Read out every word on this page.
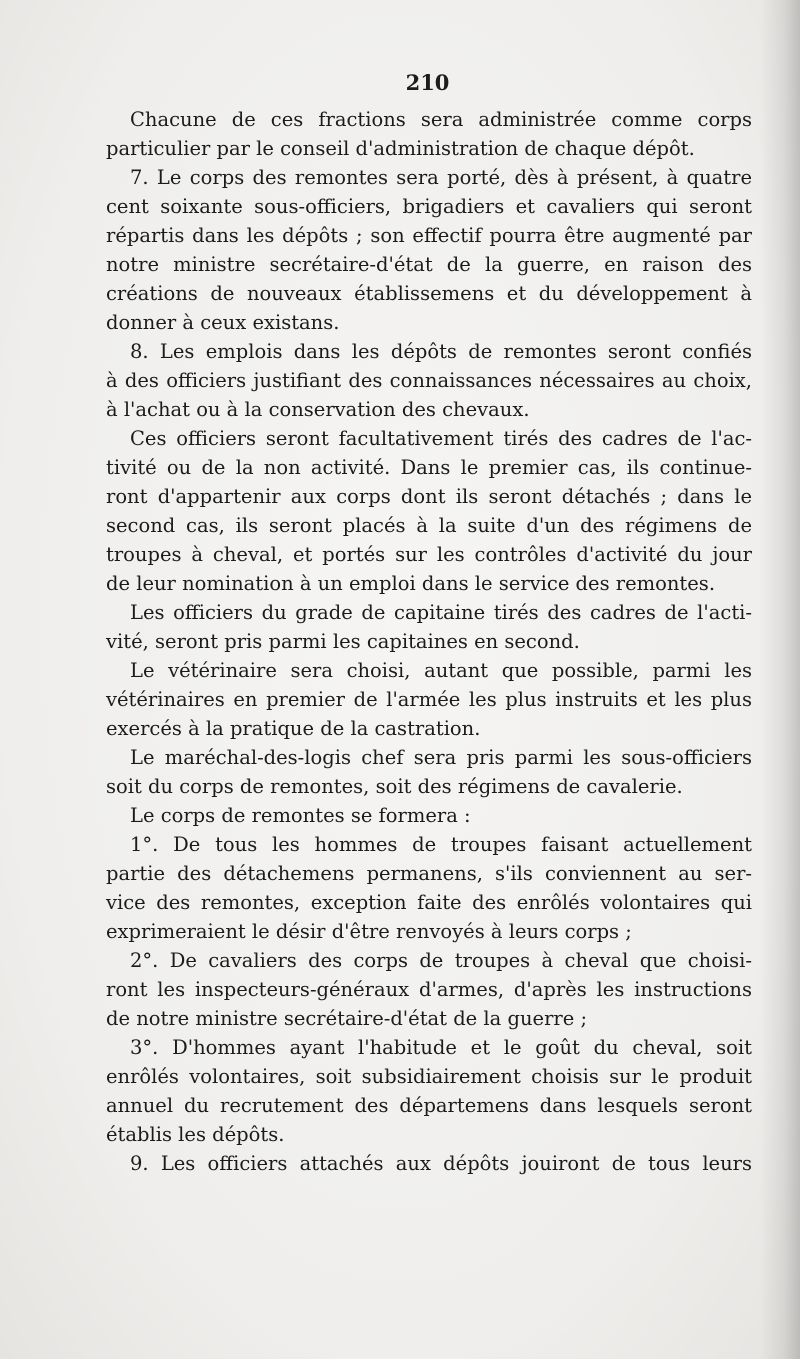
210
Chacune de ces fractions sera administrée comme corps
particulier par le conseil d'administration de chaque dépôt.
7. Le corps des remontes sera porté, dès à présent, à quatre
cent soixante sous-officiers, brigadiers et cavaliers qui seront
répartis dans les dépôts ; son effectif pourra être augmenté par
notre ministre secrétaire-d'état de la guerre, en raison des
créations de nouveaux établissemens et du développement à
donner à ceux existans.
8. Les emplois dans les dépôts de remontes seront confiés
à des officiers justifiant des connaissances nécessaires au choix,
à l'achat ou à la conservation des chevaux.
Ces officiers seront facultativement tirés des cadres de l'ac-
tivité ou de la non activité. Dans le premier cas, ils continue-
ront d'appartenir aux corps dont ils seront détachés ; dans le
second cas, ils seront placés à la suite d'un des régimens de
troupes à cheval, et portés sur les contrôles d'activité du jour
de leur nomination à un emploi dans le service des remontes.
Les officiers du grade de capitaine tirés des cadres de l'acti-
vité, seront pris parmi les capitaines en second.
Le vétérinaire sera choisi, autant que possible, parmi les
vétérinaires en premier de l'armée les plus instruits et les plus
exercés à la pratique de la castration.
Le maréchal-des-logis chef sera pris parmi les sous-officiers
soit du corps de remontes, soit des régimens de cavalerie.
Le corps de remontes se formera :
1°. De tous les hommes de troupes faisant actuellement
partie des détachemens permanens, s'ils conviennent au ser-
vice des remontes, exception faite des enrôlés volontaires qui
exprimeraient le désir d'être renvoyés à leurs corps ;
2°. De cavaliers des corps de troupes à cheval que choisi-
ront les inspecteurs-généraux d'armes, d'après les instructions
de notre ministre secrétaire-d'état de la guerre ;
3°. D'hommes ayant l'habitude et le goût du cheval, soit
enrôlés volontaires, soit subsidiairement choisis sur le produit
annuel du recrutement des départemens dans lesquels seront
établis les dépôts.
9. Les officiers attachés aux dépôts jouiront de tous leurs
